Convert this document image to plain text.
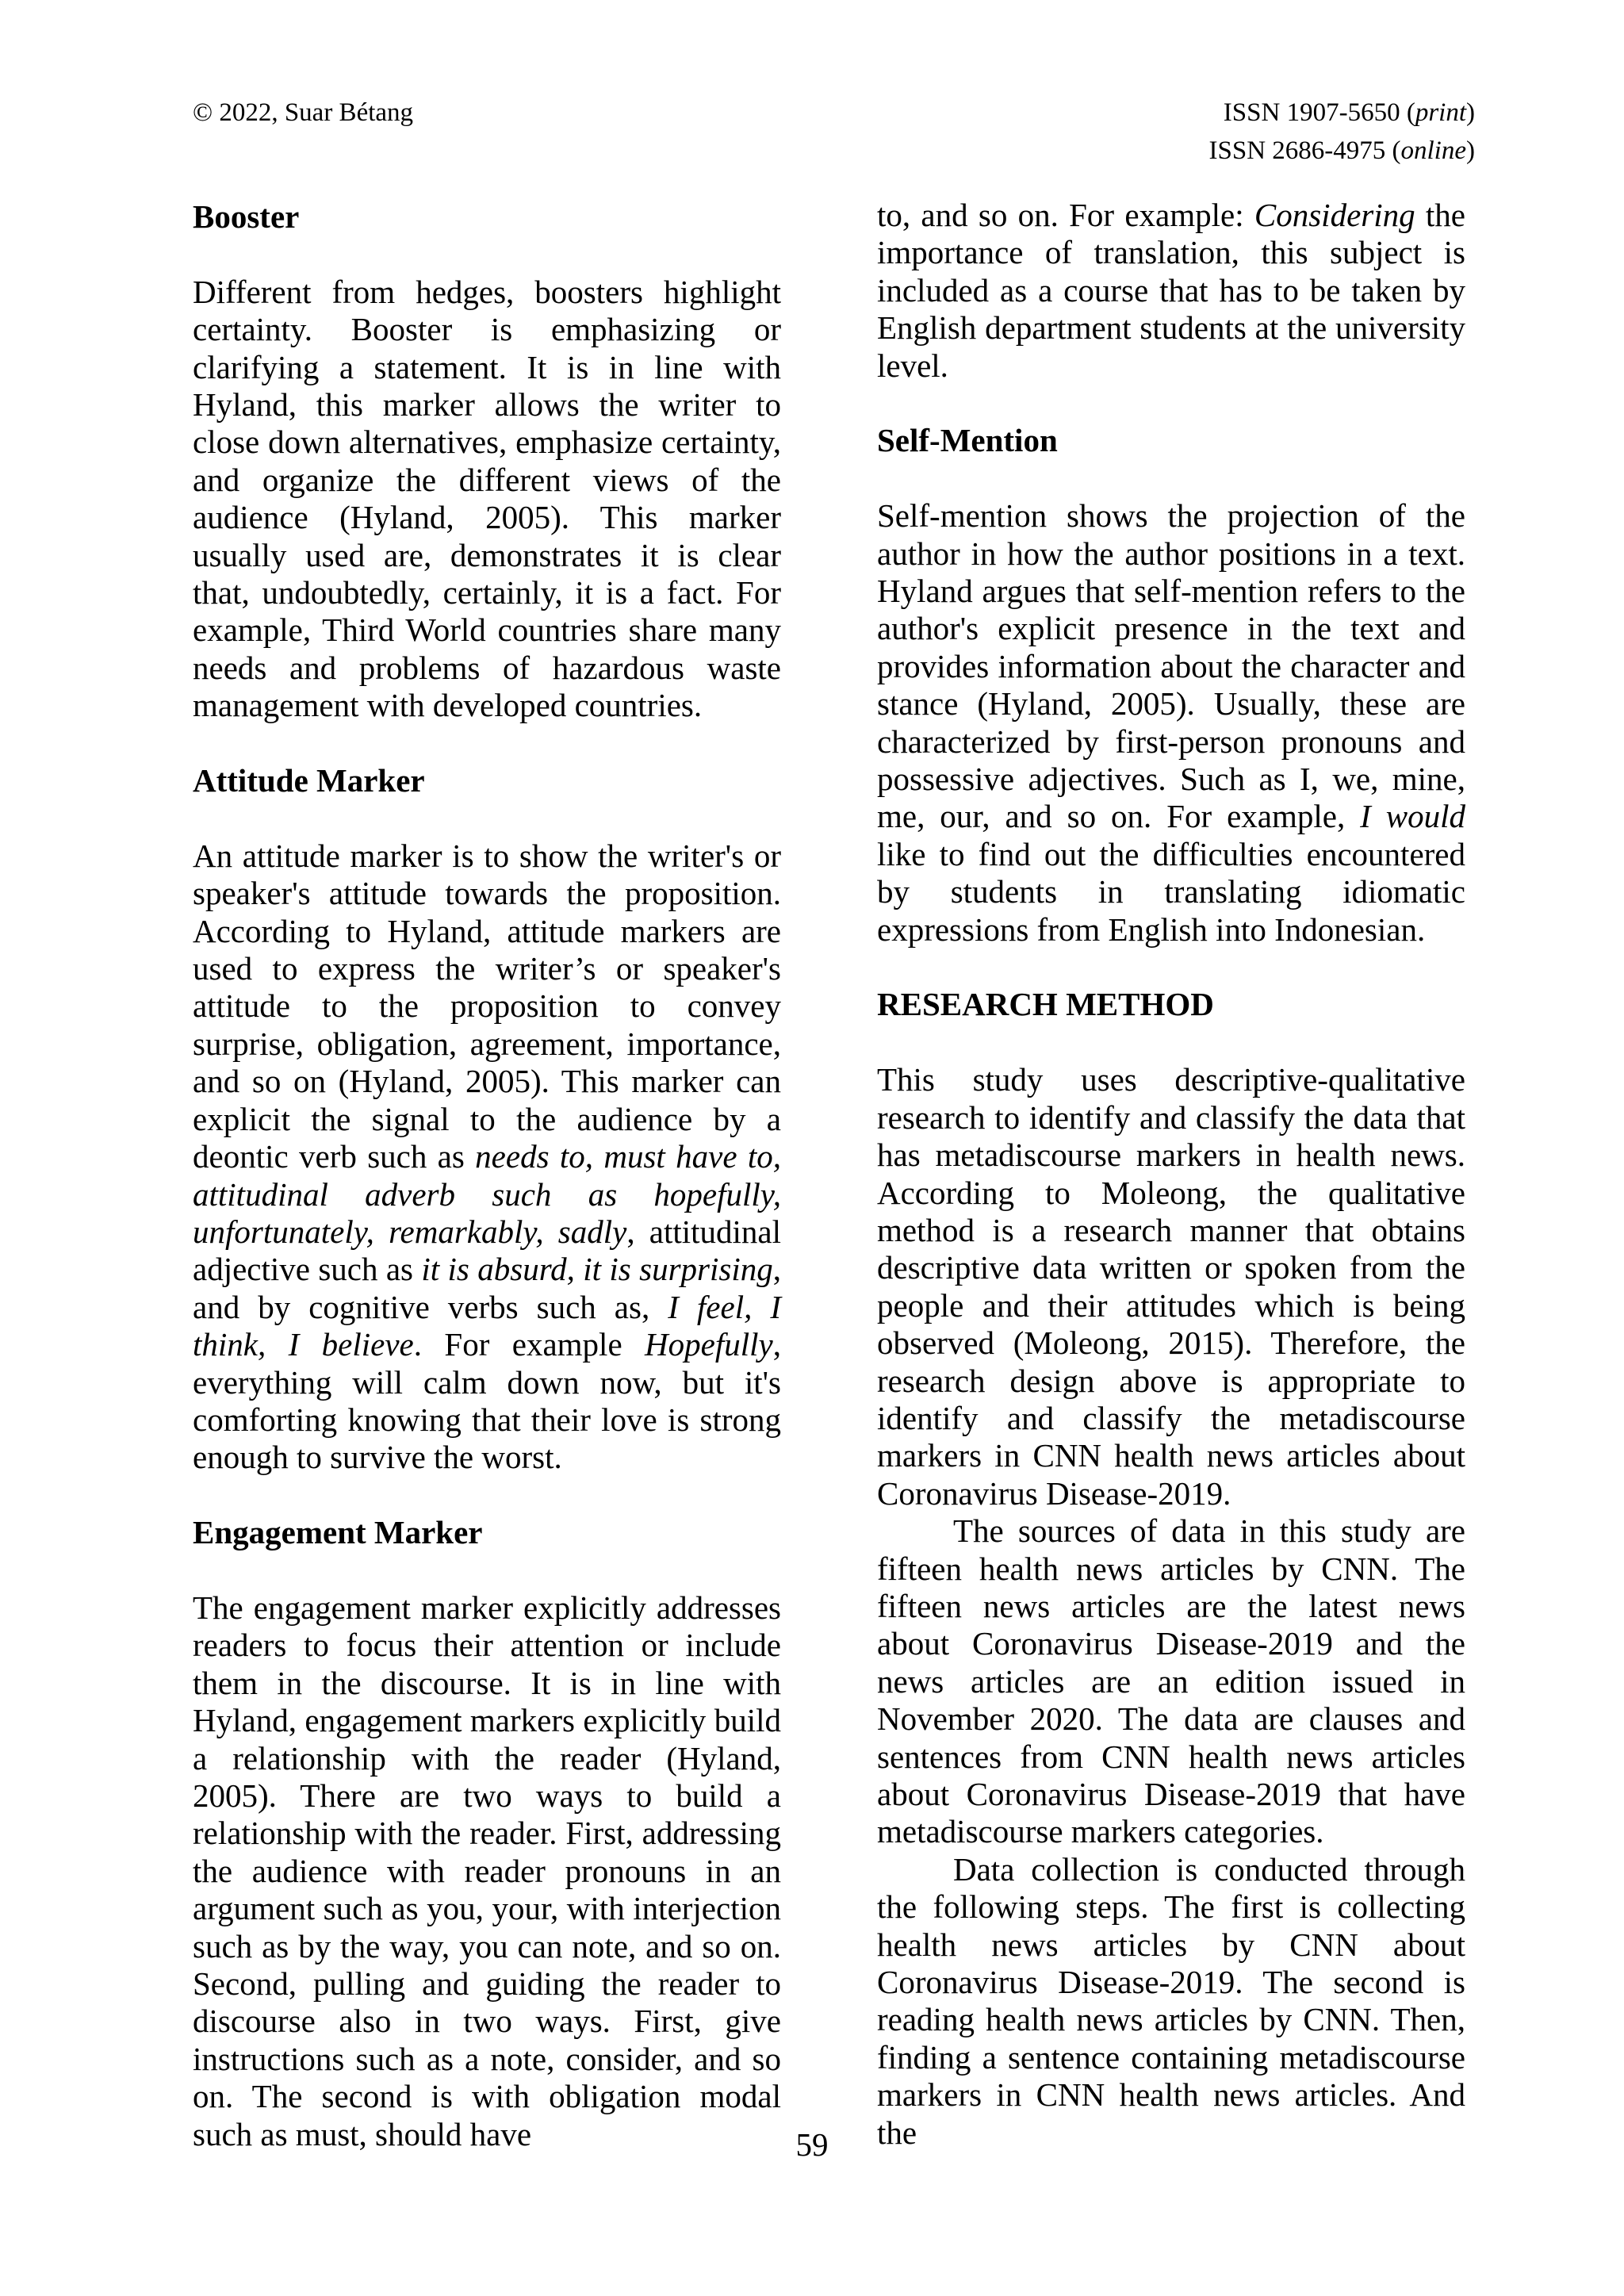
© 2022, Suar Bétang	ISSN 1907-5650 (print)
ISSN 2686-4975 (online)
Booster

Different from hedges, boosters highlight certainty. Booster is emphasizing or clarifying a statement. It is in line with Hyland, this marker allows the writer to close down alternatives, emphasize certainty, and organize the different views of the audience (Hyland, 2005). This marker usually used are, demonstrates it is clear that, undoubtedly, certainly, it is a fact. For example, Third World countries share many needs and problems of hazardous waste management with developed countries.

Attitude Marker

An attitude marker is to show the writer's or speaker's attitude towards the proposition. According to Hyland, attitude markers are used to express the writer’s or speaker's attitude to the proposition to convey surprise, obligation, agreement, importance, and so on (Hyland, 2005). This marker can explicit the signal to the audience by a deontic verb such as needs to, must have to, attitudinal adverb such as hopefully, unfortunately, remarkably, sadly, attitudinal adjective such as it is absurd, it is surprising, and by cognitive verbs such as, I feel, I think, I believe. For example Hopefully, everything will calm down now, but it's comforting knowing that their love is strong enough to survive the worst.

Engagement Marker

The engagement marker explicitly addresses readers to focus their attention or include them in the discourse. It is in line with Hyland, engagement markers explicitly build a relationship with the reader (Hyland, 2005). There are two ways to build a relationship with the reader. First, addressing the audience with reader pronouns in an argument such as you, your, with interjection such as by the way, you can note, and so on. Second, pulling and guiding the reader to discourse also in two ways. First, give instructions such as a note, consider, and so on. The second is with obligation modal such as must, should have

to, and so on. For example: Considering the importance of translation, this subject is included as a course that has to be taken by English department students at the university level.

Self-Mention

Self-mention shows the projection of the author in how the author positions in a text. Hyland argues that self-mention refers to the author's explicit presence in the text and provides information about the character and stance (Hyland, 2005). Usually, these are characterized by first-person pronouns and possessive adjectives. Such as I, we, mine, me, our, and so on. For example, I would like to find out the difficulties encountered by students in translating idiomatic expressions from English into Indonesian.

RESEARCH METHOD

This study uses descriptive-qualitative research to identify and classify the data that has metadiscourse markers in health news. According to Moleong, the qualitative method is a research manner that obtains descriptive data written or spoken from the people and their attitudes which is being observed (Moleong, 2015). Therefore, the research design above is appropriate to identify and classify the metadiscourse markers in CNN health news articles about Coronavirus Disease-2019.

The sources of data in this study are fifteen health news articles by CNN. The fifteen news articles are the latest news about Coronavirus Disease-2019 and the news articles are an edition issued in November 2020. The data are clauses and sentences from CNN health news articles about Coronavirus Disease-2019 that have metadiscourse markers categories.

Data collection is conducted through the following steps. The first is collecting health news articles by CNN about Coronavirus Disease-2019. The second is reading health news articles by CNN. Then, finding a sentence containing metadiscourse markers in CNN health news articles. And the

59
